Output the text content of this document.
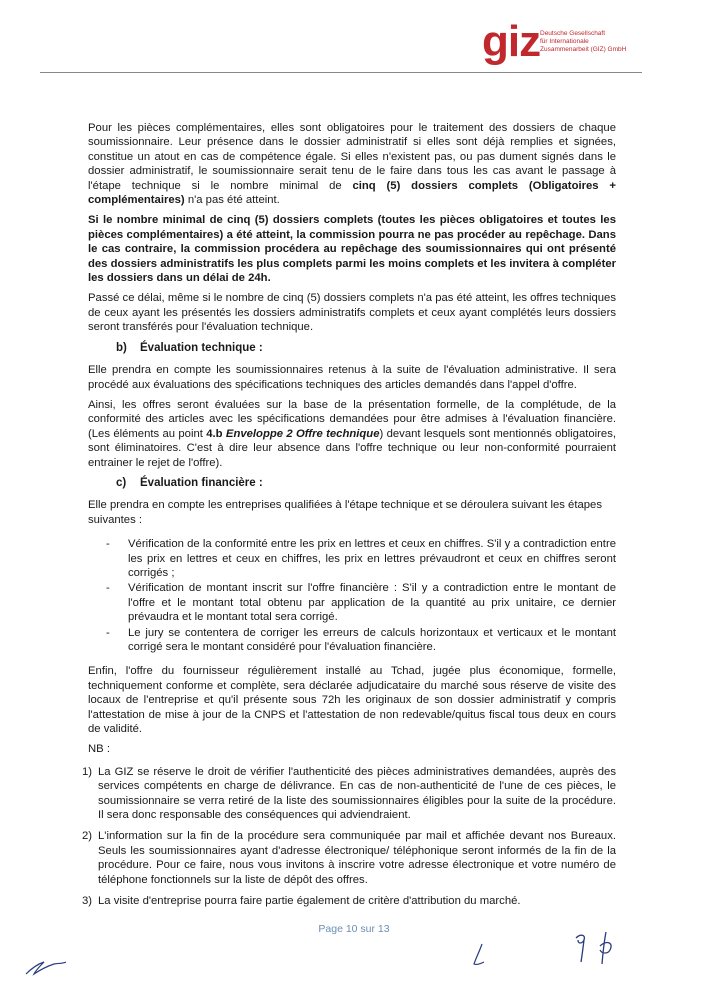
giz Deutsche Gesellschaft
für Internationale
Zusammenarbeit (GIZ) GmbH

Pour les pièces complémentaires, elles sont obligatoires pour le traitement des dossiers de chaque soumissionnaire. Leur présence dans le dossier administratif si elles sont déjà remplies et signées, constitue un atout en cas de compétence égale. Si elles n'existent pas, ou pas dument signés dans le dossier administratif, le soumissionnaire serait tenu de le faire dans tous les cas avant le passage à l'étape technique si le nombre minimal de cinq (5) dossiers complets (Obligatoires + complémentaires) n'a pas été atteint.

Si le nombre minimal de cinq (5) dossiers complets (toutes les pièces obligatoires et toutes les pièces complémentaires) a été atteint, la commission pourra ne pas procéder au repêchage. Dans le cas contraire, la commission procédera au repêchage des soumissionnaires qui ont présenté des dossiers administratifs les plus complets parmi les moins complets et les invitera à compléter les dossiers dans un délai de 24h.

Passé ce délai, même si le nombre de cinq (5) dossiers complets n'a pas été atteint, les offres techniques de ceux ayant les présentés les dossiers administratifs complets et ceux ayant complétés leurs dossiers seront transférés pour l'évaluation technique.

b) Évaluation technique :

Elle prendra en compte les soumissionnaires retenus à la suite de l'évaluation administrative. Il sera procédé aux évaluations des spécifications techniques des articles demandés dans l'appel d'offre.

Ainsi, les offres seront évaluées sur la base de la présentation formelle, de la complétude, de la conformité des articles avec les spécifications demandées pour être admises à l'évaluation financière. (Les éléments au point 4.b Enveloppe 2 Offre technique) devant lesquels sont mentionnés obligatoires, sont éliminatoires. C'est à dire leur absence dans l'offre technique ou leur non-conformité pourraient entrainer le rejet de l'offre).

c) Évaluation financière :

Elle prendra en compte les entreprises qualifiées à l'étape technique et se déroulera suivant les étapes suivantes :

- Vérification de la conformité entre les prix en lettres et ceux en chiffres. S'il y a contradiction entre les prix en lettres et ceux en chiffres, les prix en lettres prévaudront et ceux en chiffres seront corrigés ;
- Vérification de montant inscrit sur l'offre financière : S'il y a contradiction entre le montant de l'offre et le montant total obtenu par application de la quantité au prix unitaire, ce dernier prévaudra et le montant total sera corrigé.
- Le jury se contentera de corriger les erreurs de calculs horizontaux et verticaux et le montant corrigé sera le montant considéré pour l'évaluation financière.

Enfin, l'offre du fournisseur régulièrement installé au Tchad, jugée plus économique, formelle, techniquement conforme et complète, sera déclarée adjudicataire du marché sous réserve de visite des locaux de l'entreprise et qu'il présente sous 72h les originaux de son dossier administratif y compris l'attestation de mise à jour de la CNPS et l'attestation de non redevable/quitus fiscal tous deux en cours de validité.

NB :

1) La GIZ se réserve le droit de vérifier l'authenticité des pièces administratives demandées, auprès des services compétents en charge de délivrance. En cas de non-authenticité de l'une de ces pièces, le soumissionnaire se verra retiré de la liste des soumissionnaires éligibles pour la suite de la procédure. Il sera donc responsable des conséquences qui adviendraient.
2) L'information sur la fin de la procédure sera communiquée par mail et affichée devant nos Bureaux. Seuls les soumissionnaires ayant d'adresse électronique/ téléphonique seront informés de la fin de la procédure. Pour ce faire, nous vous invitons à inscrire votre adresse électronique et votre numéro de téléphone fonctionnels sur la liste de dépôt des offres.
3) La visite d'entreprise pourra faire partie également de critère d'attribution du marché.
Page 10 sur 13
